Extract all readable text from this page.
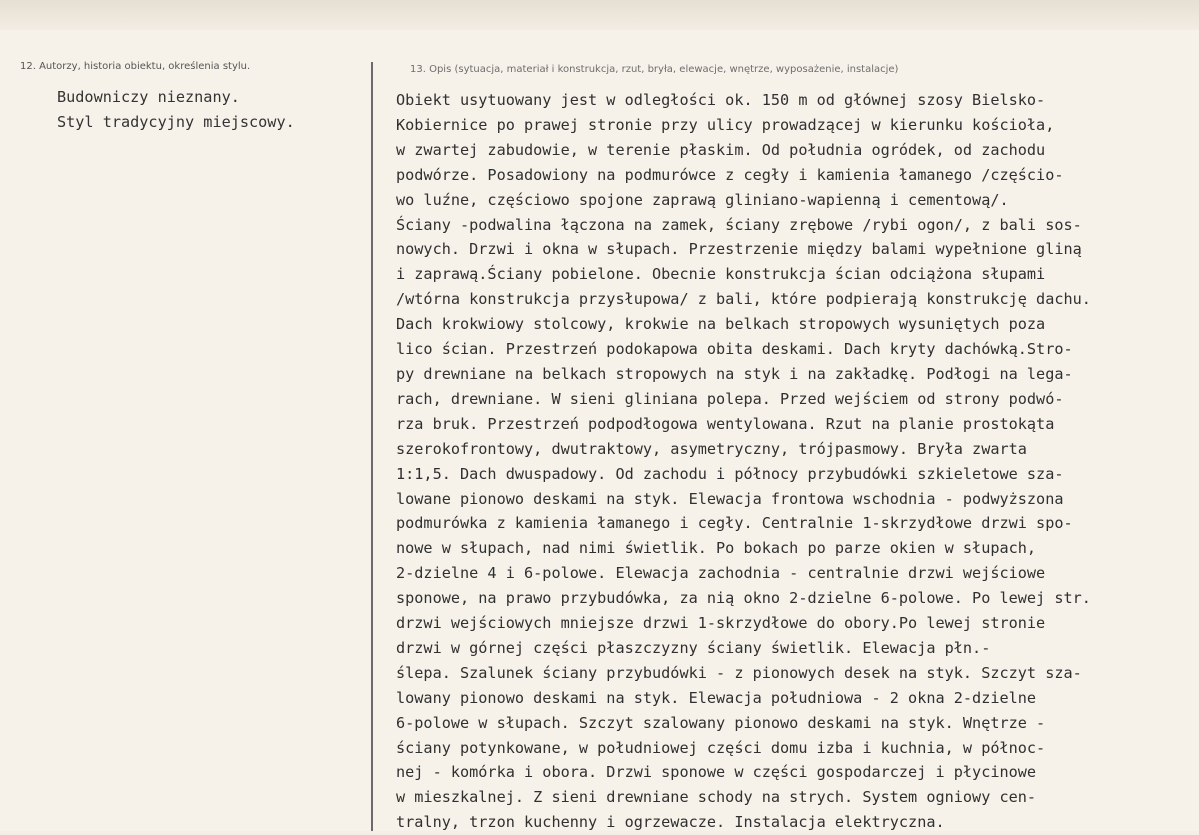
12. Autorzy, historia obiektu, określenia stylu.	13. Opis (sytuacja, materiał i konstrukcja, rzut, bryła, elewacje, wnętrze, wyposażenie, instalacje)
Budowniczy nieznany.
Styl tradycyjny miejscowy.
Obiekt usytuowany jest w odległości ok. 150 m od głównej szosy Bielsko-
Kobiernice po prawej stronie przy ulicy prowadzącej w kierunku kościoła,
w zwartej zabudowie, w terenie płaskim. Od południa ogródek, od zachodu
podwórze. Posadowiony na podmurówce z cegły i kamienia łamanego /częścio-
wo luźne, częściowo spojone zaprawą gliniano-wapienną i cementową/.
Ściany -podwalina łączona na zamek, ściany zrębowe /rybi ogon/, z bali sos-
nowych. Drzwi i okna w słupach. Przestrzenie między balami wypełnione gliną
i zaprawą.Ściany pobielone. Obecnie konstrukcja ścian odciążona słupami
/wtórna konstrukcja przysłupowa/ z bali, które podpierają konstrukcję dachu.
Dach krokwiowy stolcowy, krokwie na belkach stropowych wysuniętych poza
lico ścian. Przestrzeń podokapowa obita deskami. Dach kryty dachówką.Stro-
py drewniane na belkach stropowych na styk i na zakładkę. Podłogi na lega-
rach, drewniane. W sieni gliniana polepa. Przed wejściem od strony podwó-
rza bruk. Przestrzeń podpodłogowa wentylowana. Rzut na planie prostokąta
szerokofrontowy, dwutraktowy, asymetryczny, trójpasmowy. Bryła zwarta
1:1,5. Dach dwuspadowy. Od zachodu i północy przybudówki szkieletowe sza-
lowane pionowo deskami na styk. Elewacja frontowa wschodnia - podwyższona
podmurówka z kamienia łamanego i cegły. Centralnie 1-skrzydłowe drzwi spo-
nowe w słupach, nad nimi świetlik. Po bokach po parze okien w słupach,
2-dzielne 4 i 6-polowe. Elewacja zachodnia - centralnie drzwi wejściowe
sponowe, na prawo przybudówka, za nią okno 2-dzielne 6-polowe. Po lewej str.
drzwi wejściowych mniejsze drzwi 1-skrzydłowe do obory.Po lewej stronie
drzwi w górnej części płaszczyzny ściany świetlik. Elewacja płn.-
ślepa. Szalunek ściany przybudówki - z pionowych desek na styk. Szczyt sza-
lowany pionowo deskami na styk. Elewacja południowa - 2 okna 2-dzielne
6-polowe w słupach. Szczyt szalowany pionowo deskami na styk. Wnętrze -
ściany potynkowane, w południowej części domu izba i kuchnia, w północ-
nej - komórka i obora. Drzwi sponowe w części gospodarczej i płycinowe
w mieszkalnej. Z sieni drewniane schody na strych. System ogniowy cen-
tralny, trzon kuchenny i ogrzewacze. Instalacja elektryczna.
